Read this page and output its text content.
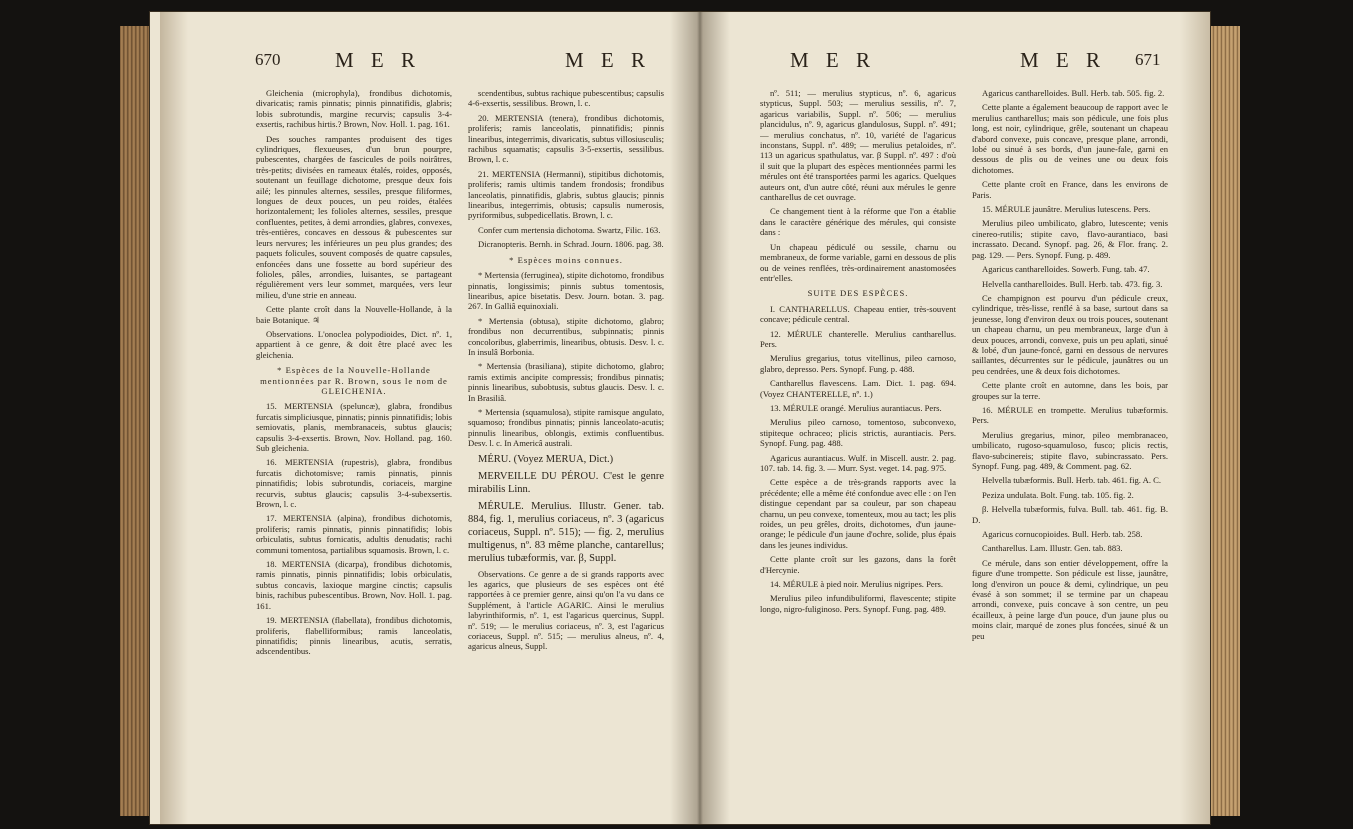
670	M E R	M E R	M E R	M E R 671

Gleichenia (microphyla), frondibus dichotomis, divaricatis; ramis pinnatis; pinnis pinnatifidis, glabris; lobis subrotundis, margine recurvis; capsulis 3-4-exsertis, rachibus hirtis.? Brown, Nov. Holl. 1. pag. 161.

Des souches rampantes produisent des tiges cylindriques, flexueuses, d'un brun pourpre, pubescentes, chargées de fascicules de poils noirâtres, très-petits; divisées en rameaux étalés, roides, opposés, soutenant un feuillage dichotome, presque deux fois ailé; les pinnules alternes, sessiles, presque filiformes, longues de deux pouces, un peu roides, étalées horizontalement; les folioles alternes, sessiles, presque confluentes, petites, à demi arrondies, glabres, convexes, très-entières, concaves en dessous & pubescentes sur leurs nervures; les inférieures un peu plus grandes; des paquets folicules, souvent composés de quatre capsules, enfoncées dans une fossette au bord supérieur des folioles, pâles, arrondies, luisantes, se partageant régulièrement vers leur sommet, marquées, vers leur milieu, d'une strie en anneau.

Cette plante croît dans la Nouvelle-Hollande, à la baie Botanique. ♃

Observations. L'onoclea polypodioides, Dict. nº. 1, appartient à ce genre, & doit être placé avec les gleichenia.

* Espèces de la Nouvelle-Hollande mentionnées par R. Brown, sous le nom de GLEICHENIA.

15. MERTENSIA (speluncæ), glabra, frondibus furcatis simpliciusque, pinnatis; pinnis pinnatifidis; lobis semiovatis, planis, membranaceis, subtus glaucis; capsulis 3-4-exsertis. Brown, Nov. Holland. pag. 160. Sub gleichenia.

16. MERTENSIA (rupestris), glabra, frondibus furcatis dichotomisve; ramis pinnatis, pinnis pinnatifidis; lobis subrotundis, coriaceis, margine recurvis, subtus glaucis; capsulis 3-4-subexsertis. Brown, l. c.

17. MERTENSIA (alpina), frondibus dichotomis, proliferis; ramis pinnatis, pinnis pinnatifidis; lobis orbiculatis, subtus fornicatis, adultis denudatis; rachi communi tomentosa, partialibus squamosis. Brown, l. c.

18. MERTENSIA (dicarpa), frondibus dichotomis, ramis pinnatis, pinnis pinnatifidis; lobis orbiculatis, subtus concavis, laxioque margine cinctis; capsulis binis, rachibus pubescentibus. Brown, Nov. Holl. 1. pag. 161.

19. MERTENSIA (flabellata), frondibus dichotomis, proliferis, flabelliformibus; ramis lanceolatis, pinnatifidis; pinnis linearibus, acutis, serratis, adscendentibus.

scendentibus, subtus rachique pubescentibus; capsulis 4-6-exsertis, sessilibus. Brown, l. c.

20. MERTENSIA (tenera), frondibus dichotomis, proliferis; ramis lanceolatis, pinnatifidis; pinnis linearibus, integerrimis, divaricatis, subtus villosiusculis; rachibus squamatis; capsulis 3-5-exsertis, sessilibus. Brown, l. c.

21. MERTENSIA (Hermanni), stipitibus dichotomis, proliferis; ramis ultimis tandem frondosis; frondibus lanceolatis, pinnatifidis, glabris, subtus glaucis; pinnis linearibus, integerrimis, obtusis; capsulis numerosis, pyriformibus, subpedicellatis. Brown, l. c.

Confer cum mertensia dichotoma. Swartz, Filic. 163.

Dicranopteris. Bernh. in Schrad. Journ. 1806. pag. 38.

* Espèces moins connues.

* Mertensia (ferruginea), stipite dichotomo, frondibus pinnatis, longissimis; pinnis subtus tomentosis, linearibus, apice bisetatis. Desv. Journ. botan. 3. pag. 267. In Galliâ equinoxiali.

* Mertensia (obtusa), stipite dichotomo, glabro; frondibus non decurrentibus, subpinnatis; pinnis concoloribus, glaberrimis, linearibus, obtusis. Desv. l. c. In insulâ Borbonia.

* Mertensia (brasiliana), stipite dichotomo, glabro; ramis extimis ancipite compressis; frondibus pinnatis; pinnis linearibus, subobtusis, subtus glaucis. Desv. l. c. In Brasiliâ.

* Mertensia (squamulosa), stipite ramisque angulato, squamoso; frondibus pinnatis; pinnis lanceolato-acutis; pinnulis linearibus, oblongis, extimis confluentibus. Desv. l. c. In Americâ australi.

MÉRU. (Voyez MERUA, Dict.)

MERVEILLE DU PÉROU. C'est le genre mirabilis Linn.

MÉRULE. Merulius. Illustr. Gener. tab. 884, fig. 1, merulius coriaceus, nº. 3 (agaricus coriaceus, Suppl. nº. 515); — fig. 2, merulius multigenus, nº. 83 même planche, cantarellus; merulius tubæformis, var. β, Suppl.

Observations. Ce genre a de si grands rapports avec les agarics, que plusieurs de ses espèces ont été rapportées à ce premier genre, ainsi qu'on l'a vu dans ce Supplément, à l'article AGARIC. Ainsi le merulius labyrinthiformis, nº. 1, est l'agaricus quercinus, Suppl. nº. 519; — le merulius coriaceus, nº. 3, est l'agaricus coriaceus, Suppl. nº. 515; — merulius alneus, nº. 4, agaricus alneus, Suppl.

nº. 511; — merulius stypticus, nº. 6, agaricus stypticus, Suppl. 503; — merulius sessilis, nº. 7, agaricus variabilis, Suppl. nº. 506; — merulius plancidulus, nº. 9, agaricus glandulosus, Suppl. nº. 491; — merulius conchatus, nº. 10, variété de l'agaricus inconstans, Suppl. nº. 489; — merulius petaloides, nº. 113 un agaricus spathulatus, var. β Suppl. nº. 497 : d'où il suit que la plupart des espèces mentionnées parmi les mérules ont été transportées parmi les agarics. Quelques auteurs ont, d'un autre côté, réuni aux mérules le genre cantharellus de cet ouvrage.

Ce changement tient à la réforme que l'on a établie dans le caractère générique des mérules, qui consiste dans :

Un chapeau pédiculé ou sessile, charnu ou membraneux, de forme variable, garni en dessous de plis ou de veines renflées, très-ordinairement anastomosées entr'elles.

SUITE DES ESPÈCES.

I. CANTHARELLUS. Chapeau entier, très-souvent concave; pédicule central.

12. MÉRULE chanterelle. Merulius cantharellus. Pers.

Merulius gregarius, totus vitellinus, pileo carnoso, glabro, depresso. Pers. Synopf. Fung. p. 488.

Cantharellus flavescens. Lam. Dict. 1. pag. 694. (Voyez CHANTERELLE, nº. 1.)

13. MÉRULE orangé. Merulius aurantiacus. Pers.

Merulius pileo carnoso, tomentoso, subconvexo, stipiteque ochraceo; plicis strictis, aurantiacis. Pers. Synopf. Fung. pag. 488.

Agaricus aurantiacus. Wulf. in Miscell. austr. 2. pag. 107. tab. 14. fig. 3. — Murr. Syst. veget. 14. pag. 975.

Cette espèce a de très-grands rapports avec la précédente; elle a même été confondue avec elle : on l'en distingue cependant par sa couleur, par son chapeau charnu, un peu convexe, tomenteux, mou au tact; les plis roides, un peu grêles, droits, dichotomes, d'un jaune-orange; le pédicule d'un jaune d'ochre, solide, plus épais dans les jeunes individus.

Cette plante croît sur les gazons, dans la forêt d'Hercynie.

14. MÉRULE à pied noir. Merulius nigripes. Pers.

Merulius pileo infundibuliformi, flavescente; stipite longo, nigro-fuliginoso. Pers. Synopf. Fung. pag. 489.

Agaricus cantharelloides. Bull. Herb. tab. 505. fig. 2.

Cette plante a également beaucoup de rapport avec le merulius cantharellus; mais son pédicule, une fois plus long, est noir, cylindrique, grêle, soutenant un chapeau d'abord convexe, puis concave, presque plane, arrondi, lobé ou sinué à ses bords, d'un jaune-fale, garni en dessous de plis ou de veines une ou deux fois dichotomes.

Cette plante croît en France, dans les environs de Paris.

15. MÉRULE jaunâtre. Merulius lutescens. Pers.

Merulius pileo umbilicato, glabro, lutescente; venis cinereo-rutilis; stipite cavo, flavo-aurantiaco, basi incrassato. Decand. Synopf. pag. 26, & Flor. franç. 2. pag. 129. — Pers. Synopf. Fung. p. 489.

Agaricus cantharelloides. Sowerb. Fung. tab. 47.

Helvella cantharelloides. Bull. Herb. tab. 473. fig. 3.

Ce champignon est pourvu d'un pédicule creux, cylindrique, très-lisse, renflé à sa base, surtout dans sa jeunesse, long d'environ deux ou trois pouces, soutenant un chapeau charnu, un peu membraneux, large d'un à deux pouces, arrondi, convexe, puis un peu aplati, sinué & lobé, d'un jaune-foncé, garni en dessous de nervures saillantes, décurrentes sur le pédicule, jaunâtres ou un peu cendrées, une & deux fois dichotomes.

Cette plante croît en automne, dans les bois, par groupes sur la terre.

16. MÉRULE en trompette. Merulius tubæformis. Pers.

Merulius gregarius, minor, pileo membranaceo, umbilicato, rugoso-squamuloso, fusco; plicis rectis, flavo-subcinereis; stipite flavo, subincrassato. Pers. Synopf. Fung. pag. 489, & Comment. pag. 62.

Helvella tubæformis. Bull. Herb. tab. 461. fig. A. C.

Peziza undulata. Bolt. Fung. tab. 105. fig. 2.

β. Helvella tubæformis, fulva. Bull. tab. 461. fig. B. D.

Agaricus cornucopioides. Bull. Herb. tab. 258.

Cantharellus. Lam. Illustr. Gen. tab. 883.

Ce mérule, dans son entier développement, offre la figure d'une trompette. Son pédicule est lisse, jaunâtre, long d'environ un pouce & demi, cylindrique, un peu évasé à son sommet; il se termine par un chapeau arrondi, convexe, puis concave à son centre, un peu écailleux, à peine large d'un pouce, d'un jaune plus ou moins clair, marqué de zones plus foncées, sinué & un peu
